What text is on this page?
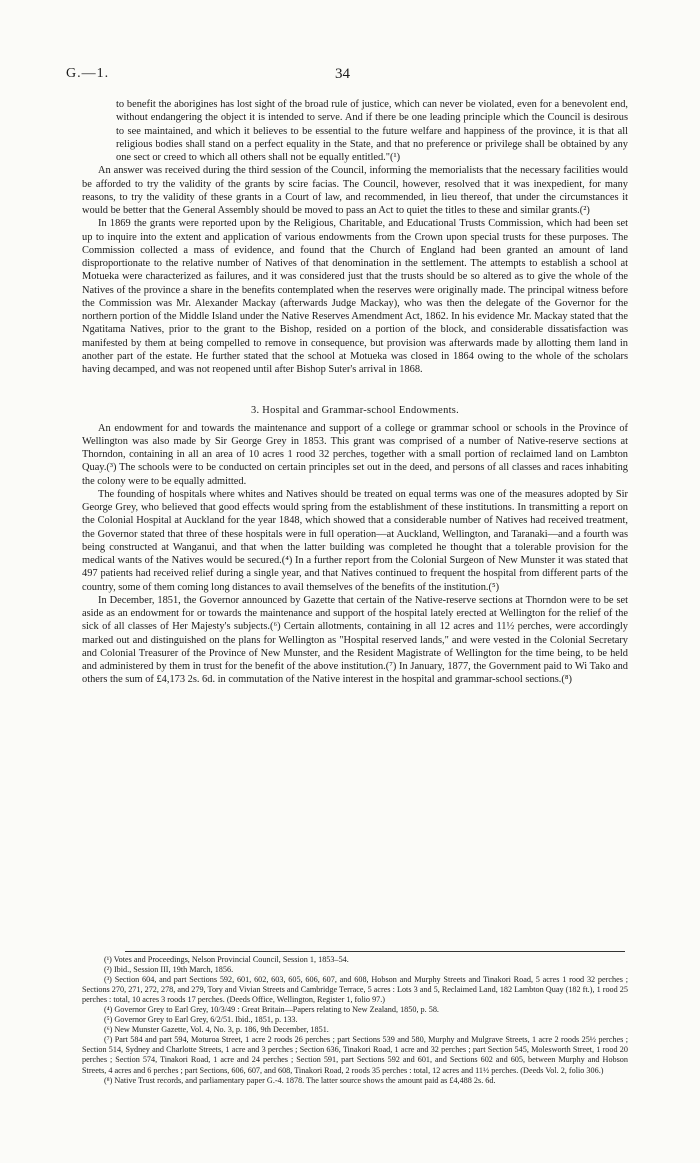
G.—1.	34

to benefit the aborigines has lost sight of the broad rule of justice, which can never be violated, even for a benevolent end, without endangering the object it is intended to serve. And if there be one leading principle which the Council is desirous to see maintained, and which it believes to be essential to the future welfare and happiness of the province, it is that all religious bodies shall stand on a perfect equality in the State, and that no preference or privilege shall be obtained by any one sect or creed to which all others shall not be equally entitled."(¹)

An answer was received during the third session of the Council, informing the memorialists that the necessary facilities would be afforded to try the validity of the grants by scire facias. The Council, however, resolved that it was inexpedient, for many reasons, to try the validity of these grants in a Court of law, and recommended, in lieu thereof, that under the circumstances it would be better that the General Assembly should be moved to pass an Act to quiet the titles to these and similar grants.(²)

In 1869 the grants were reported upon by the Religious, Charitable, and Educational Trusts Commission, which had been set up to inquire into the extent and application of various endowments from the Crown upon special trusts for these purposes. The Commission collected a mass of evidence, and found that the Church of England had been granted an amount of land disproportionate to the relative number of Natives of that denomination in the settlement. The attempts to establish a school at Motueka were characterized as failures, and it was considered just that the trusts should be so altered as to give the whole of the Natives of the province a share in the benefits contemplated when the reserves were originally made. The principal witness before the Commission was Mr. Alexander Mackay (afterwards Judge Mackay), who was then the delegate of the Governor for the northern portion of the Middle Island under the Native Reserves Amendment Act, 1862. In his evidence Mr. Mackay stated that the Ngatitama Natives, prior to the grant to the Bishop, resided on a portion of the block, and considerable dissatisfaction was manifested by them at being compelled to remove in consequence, but provision was afterwards made by allotting them land in another part of the estate. He further stated that the school at Motueka was closed in 1864 owing to the whole of the scholars having decamped, and was not reopened until after Bishop Suter's arrival in 1868.

3. Hospital and Grammar-school Endowments.

An endowment for and towards the maintenance and support of a college or grammar school or schools in the Province of Wellington was also made by Sir George Grey in 1853. This grant was comprised of a number of Native-reserve sections at Thorndon, containing in all an area of 10 acres 1 rood 32 perches, together with a small portion of reclaimed land on Lambton Quay.(³) The schools were to be conducted on certain principles set out in the deed, and persons of all classes and races inhabiting the colony were to be equally admitted.

The founding of hospitals where whites and Natives should be treated on equal terms was one of the measures adopted by Sir George Grey, who believed that good effects would spring from the establishment of these institutions. In transmitting a report on the Colonial Hospital at Auckland for the year 1848, which showed that a considerable number of Natives had received treatment, the Governor stated that three of these hospitals were in full operation—at Auckland, Wellington, and Taranaki—and a fourth was being constructed at Wanganui, and that when the latter building was completed he thought that a tolerable provision for the medical wants of the Natives would be secured.(⁴) In a further report from the Colonial Surgeon of New Munster it was stated that 497 patients had received relief during a single year, and that Natives continued to frequent the hospital from different parts of the country, some of them coming long distances to avail themselves of the benefits of the institution.(⁵)

In December, 1851, the Governor announced by Gazette that certain of the Native-reserve sections at Thorndon were to be set aside as an endowment for or towards the maintenance and support of the hospital lately erected at Wellington for the relief of the sick of all classes of Her Majesty's subjects.(⁶) Certain allotments, containing in all 12 acres and 11½ perches, were accordingly marked out and distinguished on the plans for Wellington as "Hospital reserved lands," and were vested in the Colonial Secretary and Colonial Treasurer of the Province of New Munster, and the Resident Magistrate of Wellington for the time being, to be held and administered by them in trust for the benefit of the above institution.(⁷) In January, 1877, the Government paid to Wi Tako and others the sum of £4,173 2s. 6d. in commutation of the Native interest in the hospital and grammar-school sections.(⁸)

(¹) Votes and Proceedings, Nelson Provincial Council, Session 1, 1853–54.

(²) Ibid., Session III, 19th March, 1856.

(³) Section 604, and part Sections 592, 601, 602, 603, 605, 606, 607, and 608, Hobson and Murphy Streets and Tinakori Road, 5 acres 1 rood 32 perches ; Sections 270, 271, 272, 278, and 279, Tory and Vivian Streets and Cambridge Terrace, 5 acres : Lots 3 and 5, Reclaimed Land, 182 Lambton Quay (182 ft.), 1 rood 25 perches : total, 10 acres 3 roods 17 perches. (Deeds Office, Wellington, Register 1, folio 97.)

(⁴) Governor Grey to Earl Grey, 10/3/49 : Great Britain—Papers relating to New Zealand, 1850, p. 58.

(⁵) Governor Grey to Earl Grey, 6/2/51. Ibid., 1851, p. 133.

(⁶) New Munster Gazette, Vol. 4, No. 3, p. 186, 9th December, 1851.

(⁷) Part 584 and part 594, Moturoa Street, 1 acre 2 roods 26 perches ; part Sections 539 and 580, Murphy and Mulgrave Streets, 1 acre 2 roods 25½ perches ; Section 514, Sydney and Charlotte Streets, 1 acre and 3 perches ; Section 636, Tinakori Road, 1 acre and 32 perches ; part Section 545, Molesworth Street, 1 rood 20 perches ; Section 574, Tinakori Road, 1 acre and 24 perches ; Section 591, part Sections 592 and 601, and Sections 602 and 605, between Murphy and Hobson Streets, 4 acres and 6 perches ; part Sections, 606, 607, and 608, Tinakori Road, 2 roods 35 perches : total, 12 acres and 11½ perches. (Deeds Vol. 2, folio 306.)

(⁸) Native Trust records, and parliamentary paper G.-4. 1878. The latter source shows the amount paid as £4,488 2s. 6d.
